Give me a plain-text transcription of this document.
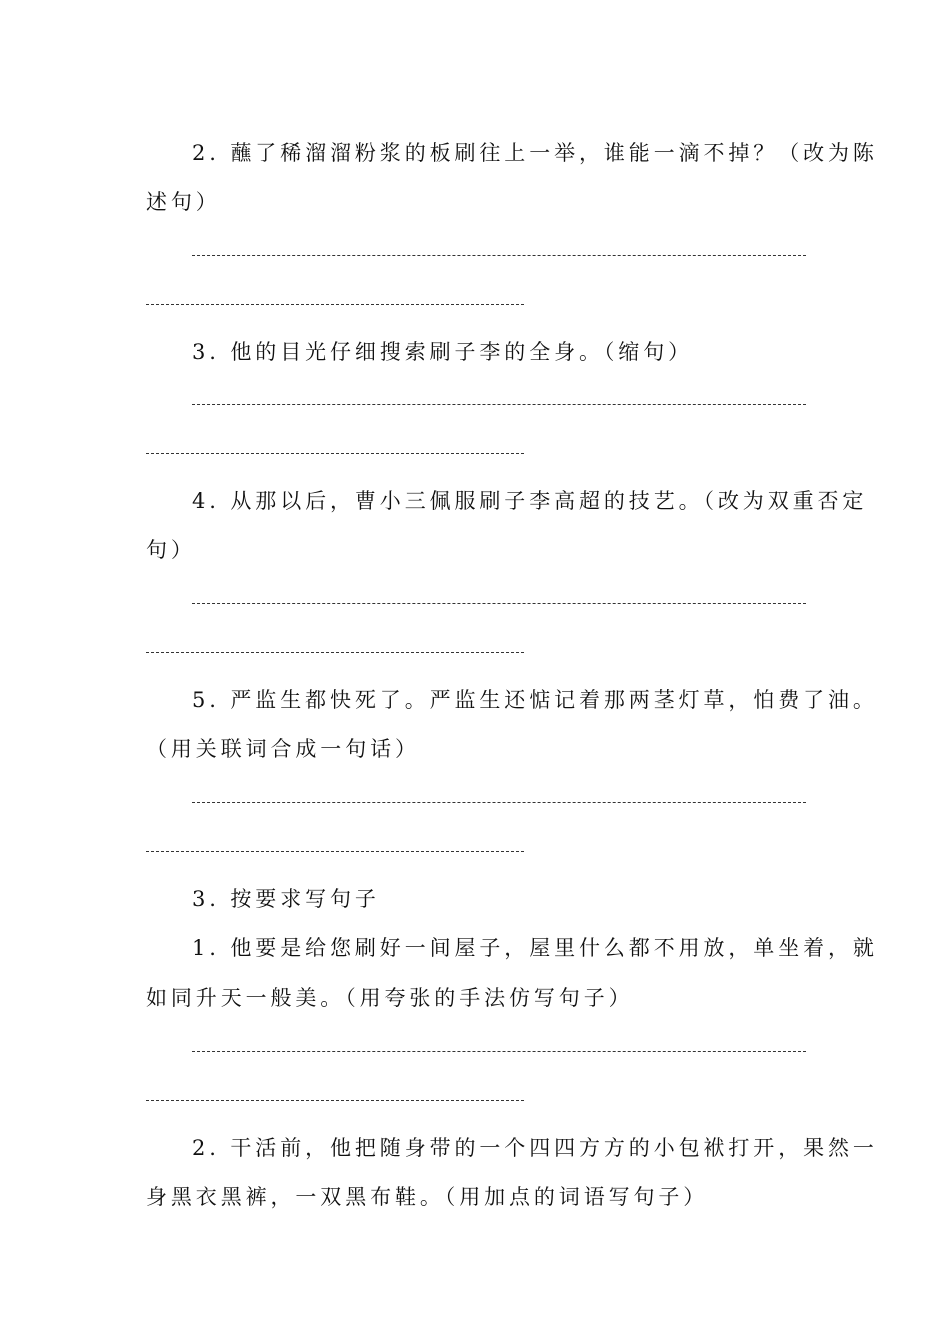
2. 蘸了稀溜溜粉浆的板刷往上一举，谁能一滴不掉？（改为陈
述句）
3. 他的目光仔细搜索刷子李的全身。（缩句）
4. 从那以后，曹小三佩服刷子李高超的技艺。（改为双重否定
句）
5. 严监生都快死了。严监生还惦记着那两茎灯草，怕费了油。
（用关联词合成一句话）
3. 按要求写句子
1. 他要是给您刷好一间屋子，屋里什么都不用放，单坐着，就
如同升天一般美。（用夸张的手法仿写句子）
2. 干活前，他把随身带的一个四四方方的小包袱打开，果然一
身黑衣黑裤，一双黑布鞋。（用加点的词语写句子）
